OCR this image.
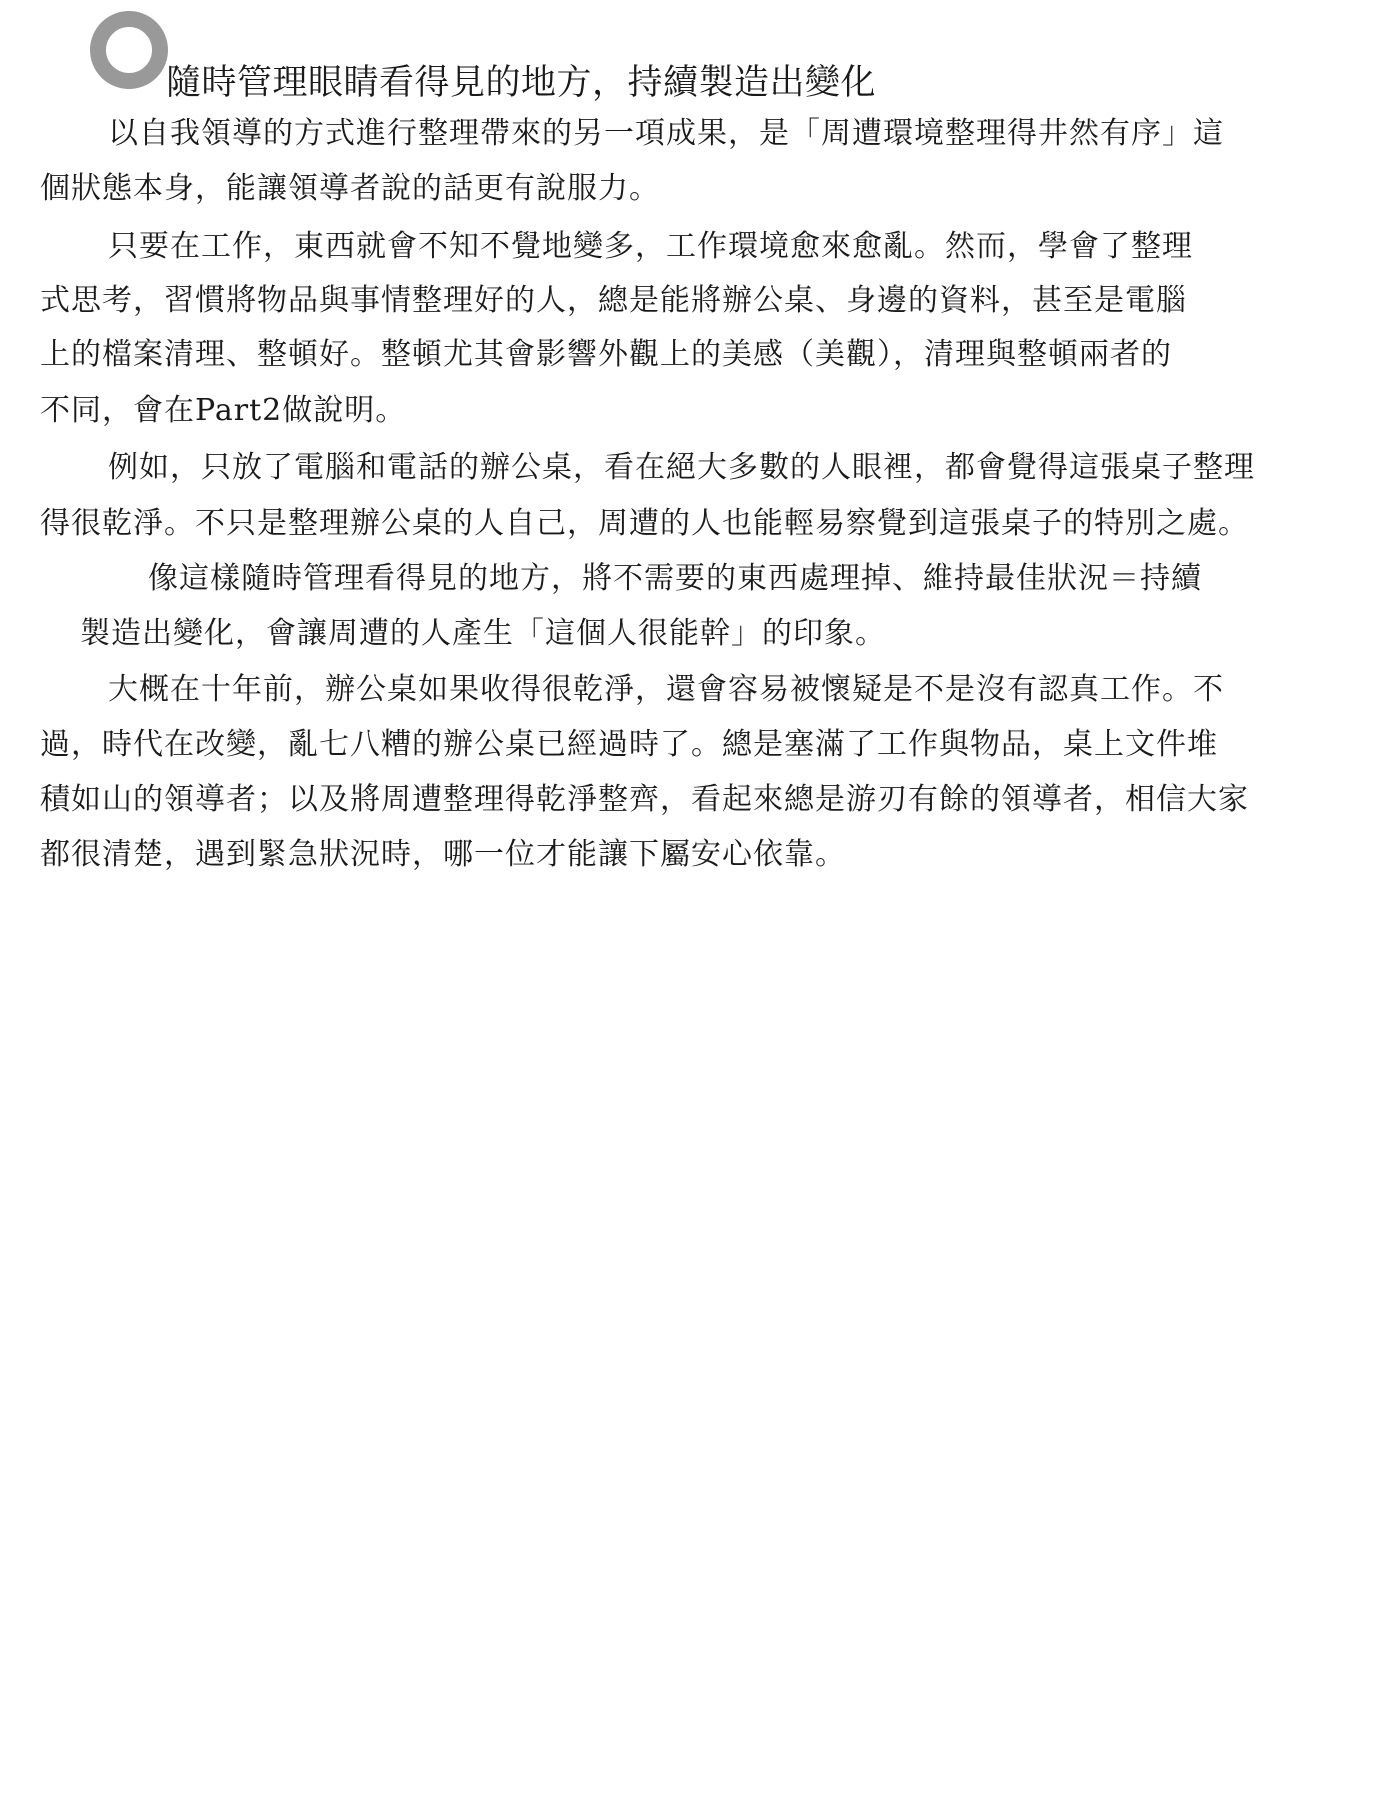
隨時管理眼睛看得見的地方，持續製造出變化
以自我領導的方式進行整理帶來的另一項成果，是「周遭環境整理得井然有序」這
個狀態本身，能讓領導者說的話更有說服力。
只要在工作，東西就會不知不覺地變多，工作環境愈來愈亂。然而，學會了整理
式思考，習慣將物品與事情整理好的人，總是能將辦公桌、身邊的資料，甚至是電腦
上的檔案清理、整頓好。整頓尤其會影響外觀上的美感（美觀），清理與整頓兩者的
不同，會在Part2做說明。
例如，只放了電腦和電話的辦公桌，看在絕大多數的人眼裡，都會覺得這張桌子整理
得很乾淨。不只是整理辦公桌的人自己，周遭的人也能輕易察覺到這張桌子的特別之處。
像這樣隨時管理看得見的地方，將不需要的東西處理掉、維持最佳狀況＝持續
製造出變化，會讓周遭的人產生「這個人很能幹」的印象。
大概在十年前，辦公桌如果收得很乾淨，還會容易被懷疑是不是沒有認真工作。不
過，時代在改變，亂七八糟的辦公桌已經過時了。總是塞滿了工作與物品，桌上文件堆
積如山的領導者；以及將周遭整理得乾淨整齊，看起來總是游刃有餘的領導者，相信大家
都很清楚，遇到緊急狀況時，哪一位才能讓下屬安心依靠。
